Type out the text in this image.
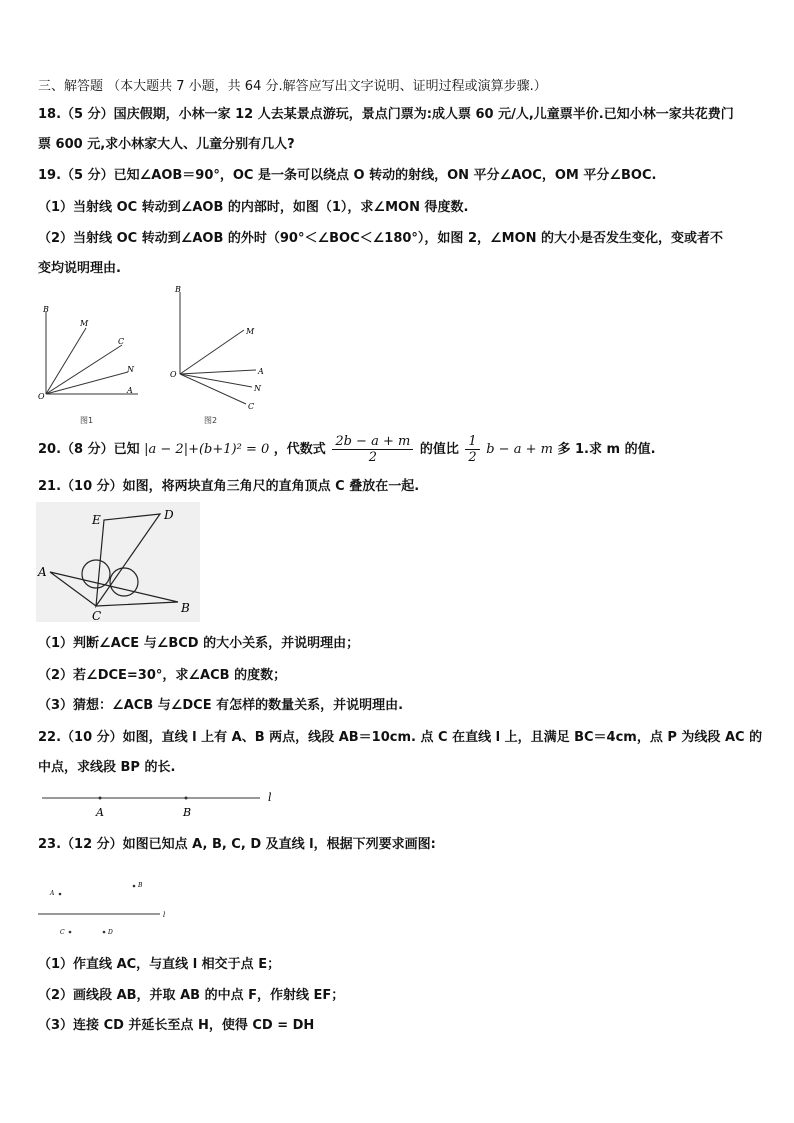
三、解答题 （本大题共 7 小题，共 64 分.解答应写出文字说明、证明过程或演算步骤.）
18.（5 分）国庆假期，小林一家 12 人去某景点游玩，景点门票为:成人票 60 元/人,儿童票半价.已知小林一家共花费门
票 600 元,求小林家大人、儿童分别有几人?
19.（5 分）已知∠AOB＝90°，OC 是一条可以绕点 O 转动的射线，ON 平分∠AOC，OM 平分∠BOC.
（1）当射线 OC 转动到∠AOB 的内部时，如图（1），求∠MON 得度数.
（2）当射线 OC 转动到∠AOB 的外时（90°＜∠BOC＜∠180°），如图 2，∠MON 的大小是否发生变化，变或者不
变均说明理由.
B
M
C
N
A
O
图1
B
M
A
N
C
O
图2
20.（8 分）已知 |a − 2|+(b+1)² = 0 ，代数式 $\frac{2b - a + m}{2}$ 的值比 $\frac{1}{2}$ b − a + m 多 1.求 m 的值.
21.（10 分）如图，将两块直角三角尺的直角顶点 C 叠放在一起.
E	D
A
C
B
（1）判断∠ACE 与∠BCD 的大小关系，并说明理由；
（2）若∠DCE=30°，求∠ACB 的度数；
（3）猜想：∠ACB 与∠DCE 有怎样的数量关系，并说明理由.
22.（10 分）如图，直线 l 上有 A、B 两点，线段 AB＝10cm. 点 C 在直线 l 上，且满足 BC＝4cm，点 P 为线段 AC 的
中点，求线段 BP 的长.
A	B
l
23.（12 分）如图已知点 A, B, C, D 及直线 l，根据下列要求画图:
A
B
C	D
l
（1）作直线 AC，与直线 l 相交于点 E；
（2）画线段 AB，并取 AB 的中点 F，作射线 EF；
（3）连接 CD 并延长至点 H，使得 CD = DH
